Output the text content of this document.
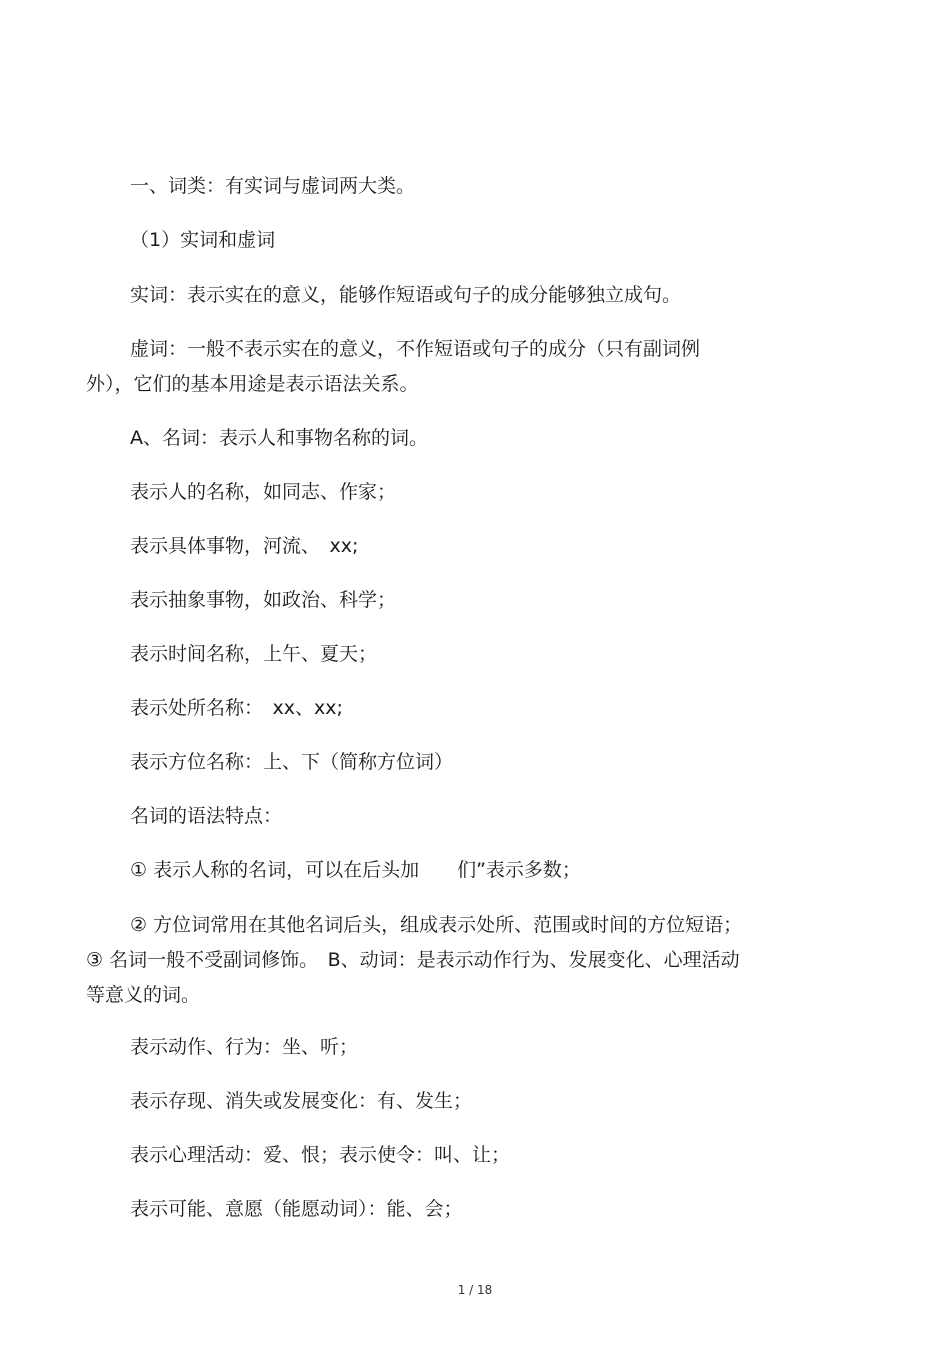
一、词类：有实词与虚词两大类。
（1）实词和虚词
实词：表示实在的意义，能够作短语或句子的成分能够独立成句。
虚词：一般不表示实在的意义，不作短语或句子的成分（只有副词例
外），它们的基本用途是表示语法关系。
A、名词：表示人和事物名称的词。
表示人的名称，如同志、作家；
表示具体事物，河流、　xx;
表示抽象事物，如政治、科学；
表示时间名称，上午、夏天；
表示处所名称：　xx、xx;
表示方位名称：上、下（简称方位词）
名词的语法特点：
① 表示人称的名词，可以在后头加　　们”表示多数；
② 方位词常用在其他名词后头，组成表示处所、范围或时间的方位短语；
③ 名词一般不受副词修饰。　B、动词：是表示动作行为、发展变化、心理活动
等意义的词。
表示动作、行为：坐、听；
表示存现、消失或发展变化：有、发生；
表示心理活动：爱、恨；表示使令：叫、让；
表示可能、意愿（能愿动词）：能、会；
1 / 18
